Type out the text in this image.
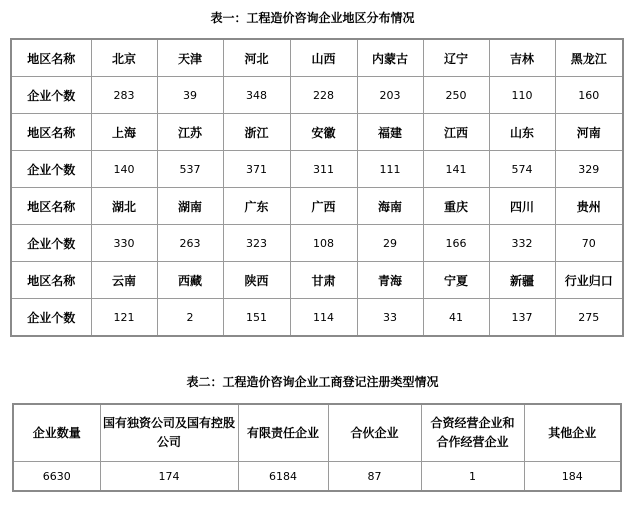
表一：工程造价咨询企业地区分布情况
地区名称	北京	天津	河北	山西	内蒙古	辽宁	吉林	黑龙江
企业个数	283	39	348	228	203	250	110	160
地区名称	上海	江苏	浙江	安徽	福建	江西	山东	河南
企业个数	140	537	371	311	111	141	574	329
地区名称	湖北	湖南	广东	广西	海南	重庆	四川	贵州
企业个数	330	263	323	108	29	166	332	70
地区名称	云南	西藏	陕西	甘肃	青海	宁夏	新疆	行业归口
企业个数	121	2	151	114	33	41	137	275
表二：工程造价咨询企业工商登记注册类型情况
企业数量	国有独资公司及国有控股公司	有限责任企业	合伙企业	合资经营企业和合作经营企业	其他企业
6630	174	6184	87	1	184
